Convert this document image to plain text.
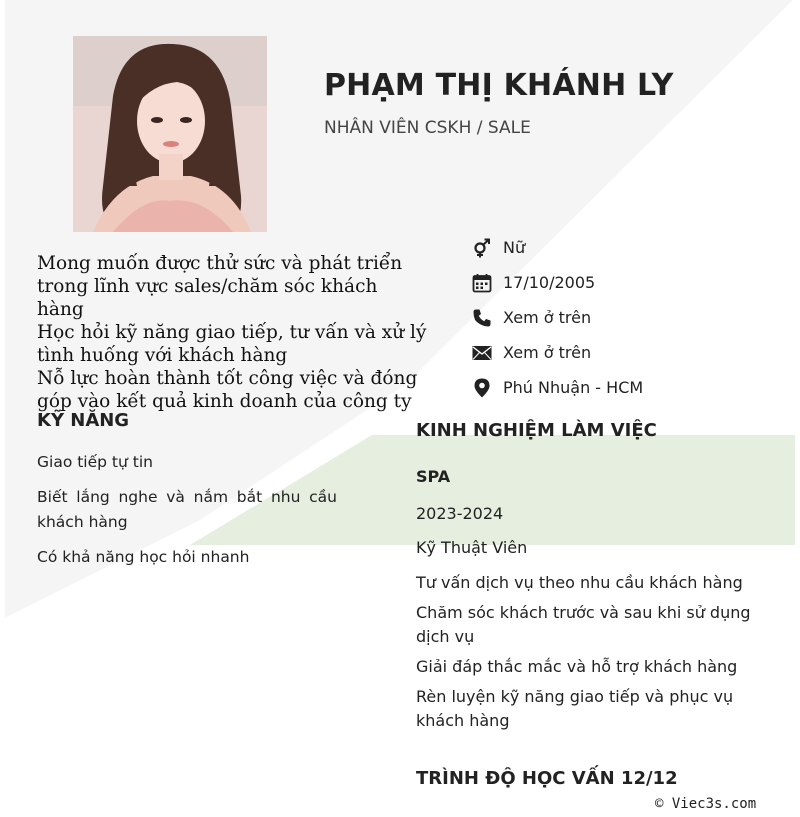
PHẠM THỊ KHÁNH LY
NHÂN VIÊN CSKH / SALE
Mong muốn được thử sức và phát triển trong lĩnh vực sales/chăm sóc khách hàng
Học hỏi kỹ năng giao tiếp, tư vấn và xử lý tình huống với khách hàng
Nỗ lực hoàn thành tốt công việc và đóng góp vào kết quả kinh doanh của công ty
Nữ
17/10/2005
Xem ở trên
Xem ở trên
Phú Nhuận - HCM
KỸ NĂNG
Giao tiếp tự tin
Biết lắng nghe và nắm bắt nhu cầu khách hàng
Có khả năng học hỏi nhanh
KINH NGHIỆM LÀM VIỆC
SPA
2023-2024
Kỹ Thuật Viên
Tư vấn dịch vụ theo nhu cầu khách hàng
Chăm sóc khách trước và sau khi sử dụng dịch vụ
Giải đáp thắc mắc và hỗ trợ khách hàng
Rèn luyện kỹ năng giao tiếp và phục vụ khách hàng
TRÌNH ĐỘ HỌC VẤN 12/12
© Viec3s.com
